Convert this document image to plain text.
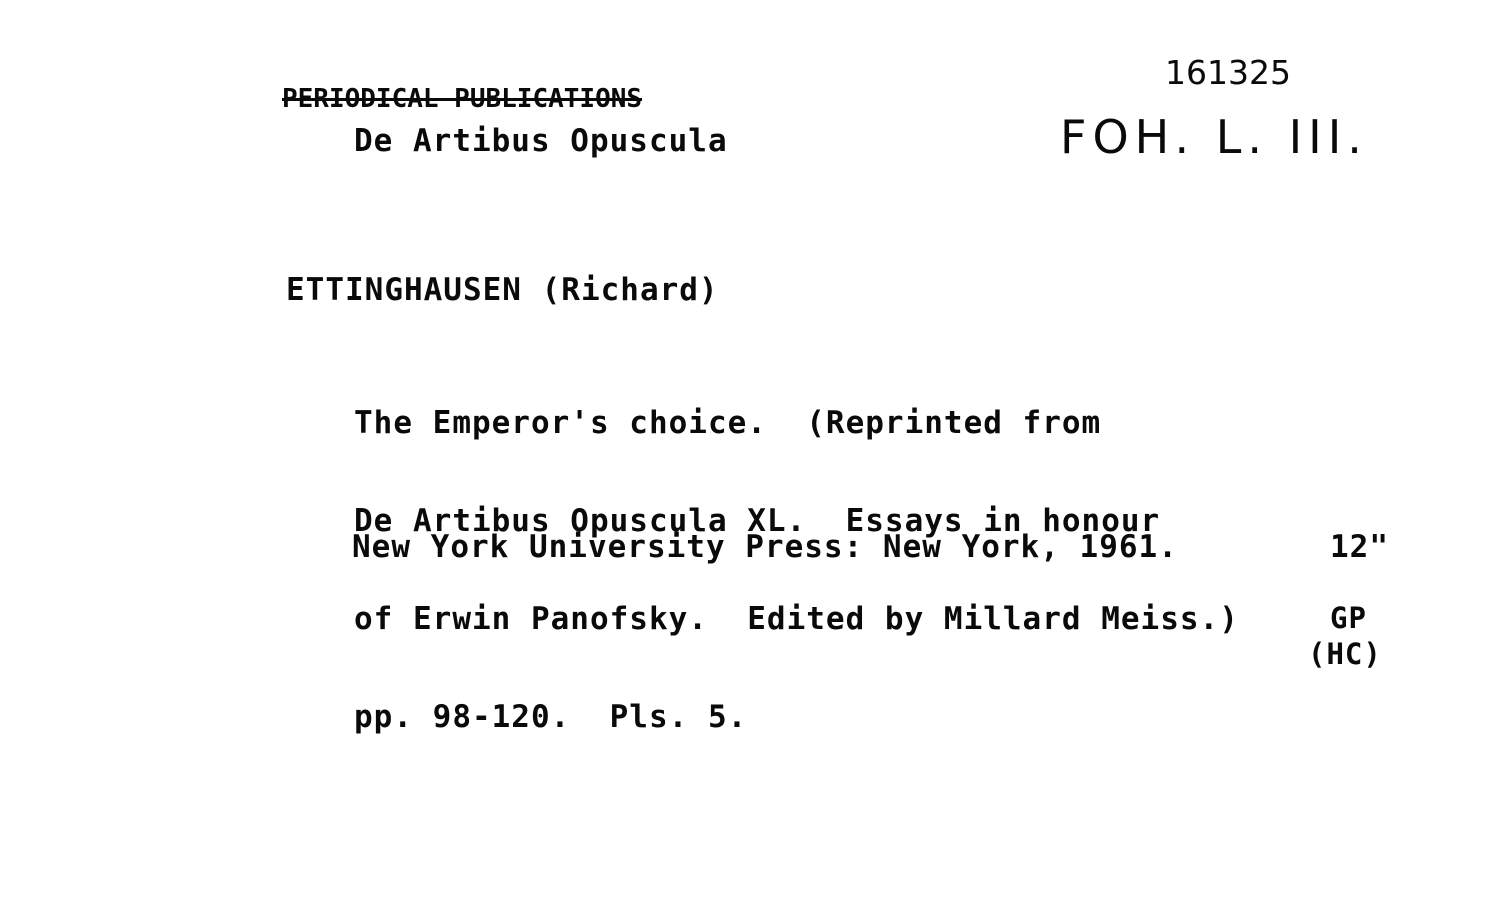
161325
FOH. L. III.
PERIODICAL PUBLICATIONS
De Artibus Opuscula
ETTINGHAUSEN (Richard)

The Emperor's choice.  (Reprinted from

De Artibus Opuscula XL.  Essays in honour

of Erwin Panofsky.  Edited by Millard Meiss.)

pp. 98-120.  Pls. 5.

New York University Press: New York, 1961.	12"
GP
(HC)
